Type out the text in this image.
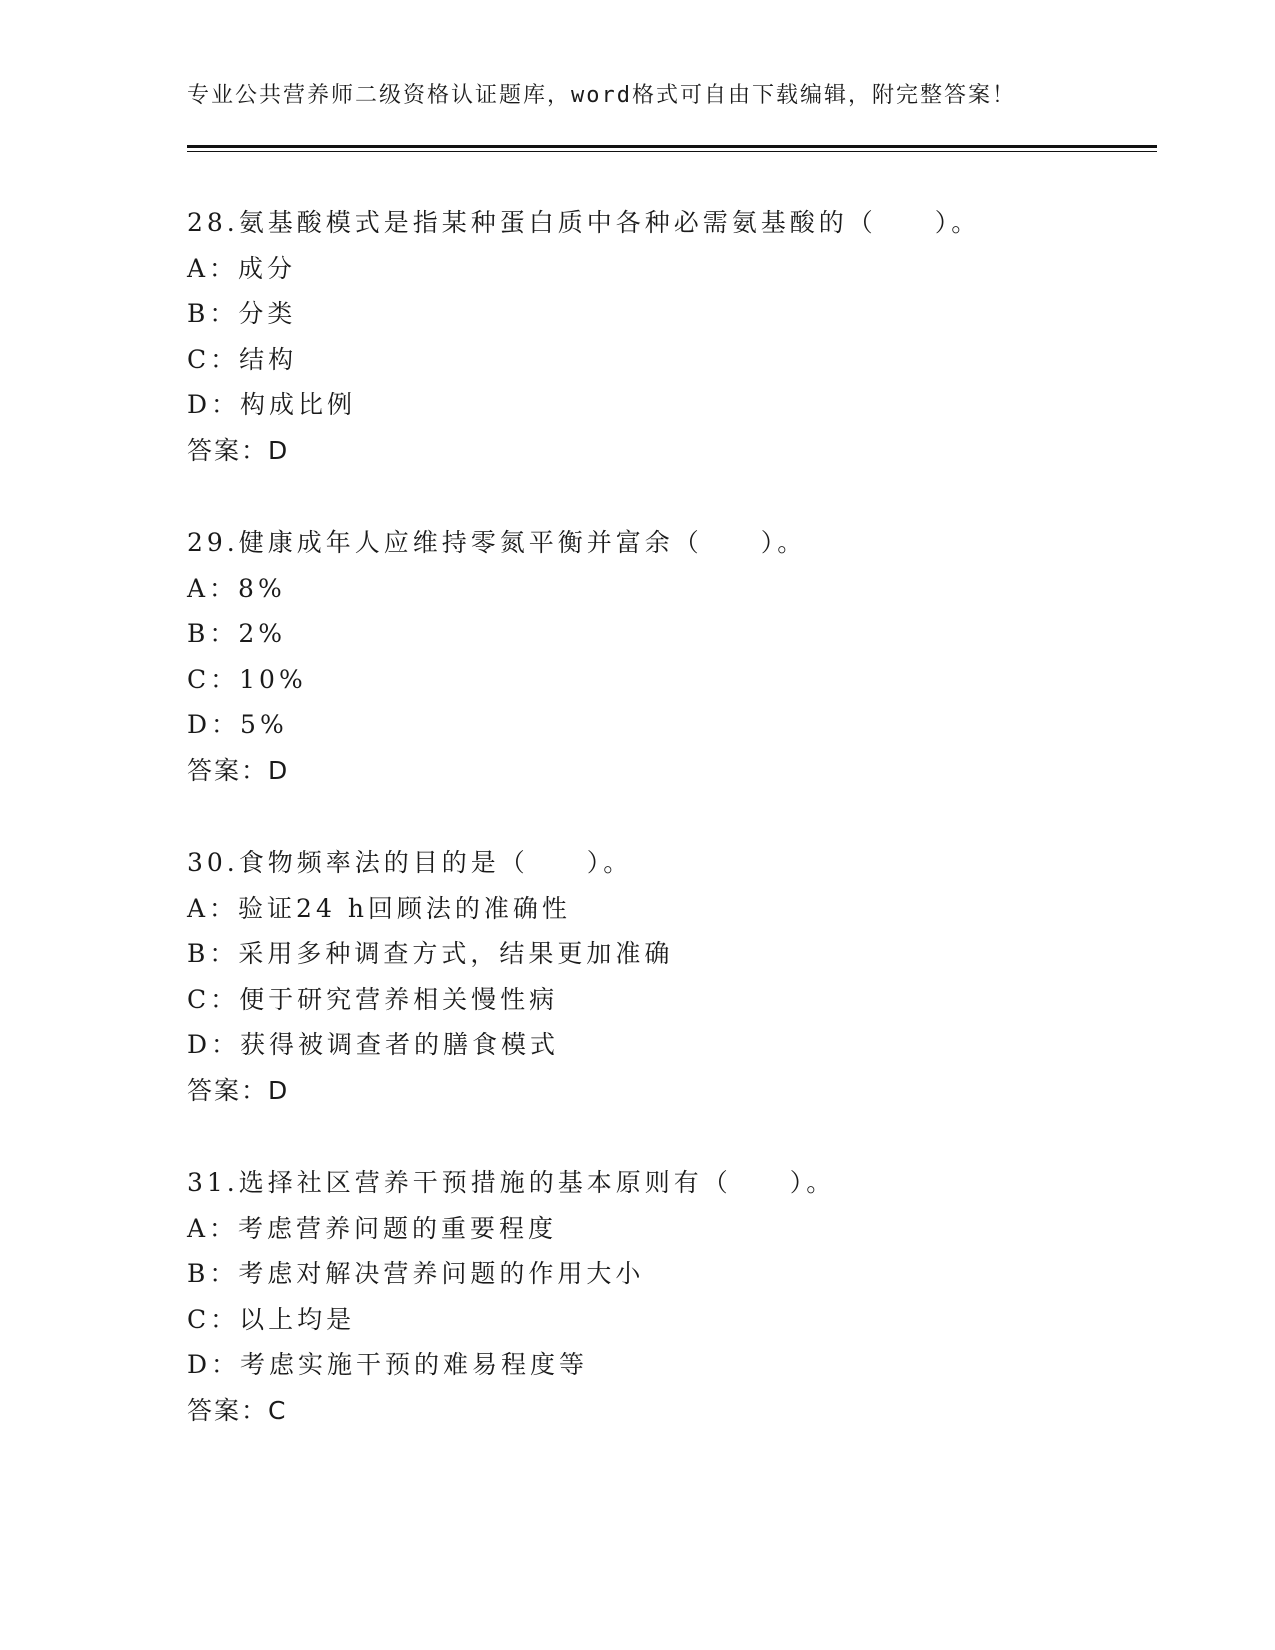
专业公共营养师二级资格认证题库，word格式可自由下载编辑，附完整答案！
28.氨基酸模式是指某种蛋白质中各种必需氨基酸的（　　）。
A：成分
B：分类
C：结构
D：构成比例
答案：D
29.健康成年人应维持零氮平衡并富余（　　）。
A：8%
B：2%
C：10%
D：5%
答案：D
30.食物频率法的目的是（　　）。
A：验证24 h回顾法的准确性
B：采用多种调查方式，结果更加准确
C：便于研究营养相关慢性病
D：获得被调查者的膳食模式
答案：D
31.选择社区营养干预措施的基本原则有（　　）。
A：考虑营养问题的重要程度
B：考虑对解决营养问题的作用大小
C：以上均是
D：考虑实施干预的难易程度等
答案：C
